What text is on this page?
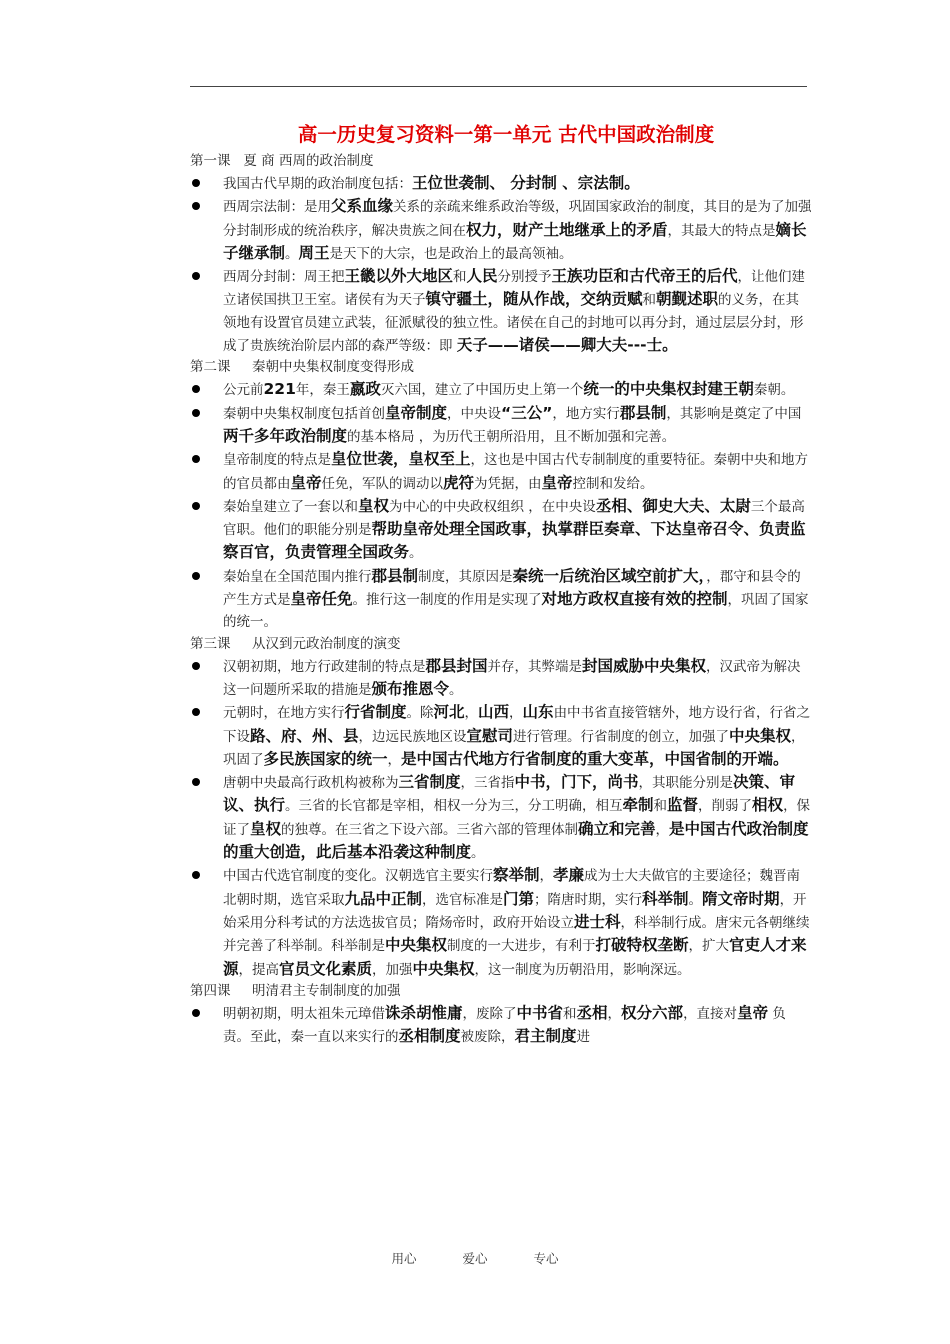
高一历史复习资料一第一单元 古代中国政治制度

第一课   夏 商 西周的政治制度

我国古代早期的政治制度包括：王位世袭制、 分封制 、宗法制。
西周宗法制：是用父系血缘关系的亲疏来维系政治等级，巩固国家政治的制度，其目的是为了加强分封制形成的统治秩序，解决贵族之间在权力，财产土地继承上的矛盾，其最大的特点是嫡长子继承制。周王是天下的大宗，也是政治上的最高领袖。
西周分封制：周王把王畿以外大地区和人民分别授予王族功臣和古代帝王的后代，让他们建立诸侯国拱卫王室。诸侯有为天子镇守疆土，随从作战，交纳贡赋和朝觐述职的义务，在其领地有设置官员建立武装，征派赋役的独立性。诸侯在自己的封地可以再分封，通过层层分封，形成了贵族统治阶层内部的森严等级：即 天子——诸侯——卿大夫---士。

第二课     秦朝中央集权制度变得形成

公元前221年，秦王嬴政灭六国，建立了中国历史上第一个统一的中央集权封建王朝秦朝。
秦朝中央集权制度包括首创皇帝制度，中央设“三公”，地方实行郡县制，其影响是奠定了中国两千多年政治制度的基本格局 ，为历代王朝所沿用，且不断加强和完善。
皇帝制度的特点是皇位世袭，皇权至上，这也是中国古代专制制度的重要特征。秦朝中央和地方的官员都由皇帝任免，军队的调动以虎符为凭据，由皇帝控制和发给。
秦始皇建立了一套以和皇权为中心的中央政权组织 ，在中央设丞相、御史大夫、太尉三个最高官职。他们的职能分别是帮助皇帝处理全国政事，执掌群臣奏章、下达皇帝召令、负责监察百官，负责管理全国政务。
秦始皇在全国范围内推行郡县制制度，其原因是秦统一后统治区域空前扩大，，郡守和县令的产生方式是皇帝任免。推行这一制度的作用是实现了对地方政权直接有效的控制，巩固了国家的统一。

第三课     从汉到元政治制度的演变

汉朝初期，地方行政建制的特点是郡县封国并存，其弊端是封国威胁中央集权，汉武帝为解决这一问题所采取的措施是颁布推恩令。
元朝时，在地方实行行省制度。除河北，山西，山东由中书省直接管辖外，地方设行省，行省之下设路、府、州、县，边远民族地区设宣慰司进行管理。行省制度的创立，加强了中央集权，巩固了多民族国家的统一，是中国古代地方行省制度的重大变革，中国省制的开端。
唐朝中央最高行政机构被称为三省制度，三省指中书，门下，尚书，其职能分别是决策、审议、执行。三省的长官都是宰相，相权一分为三，分工明确，相互牵制和监督，削弱了相权，保证了皇权的独尊。在三省之下设六部。三省六部的管理体制确立和完善，是中国古代政治制度的重大创造，此后基本沿袭这种制度。
中国古代选官制度的变化。汉朝选官主要实行察举制，孝廉成为士大夫做官的主要途径；魏晋南北朝时期，选官采取九品中正制，选官标准是门第；隋唐时期，实行科举制。隋文帝时期，开始采用分科考试的方法选拔官员；隋炀帝时，政府开始设立进士科，科举制行成。唐宋元各朝继续并完善了科举制。科举制是中央集权制度的一大进步，有利于打破特权垄断，扩大官吏人才来源，提高官员文化素质，加强中央集权，这一制度为历朝沿用，影响深远。

第四课     明清君主专制制度的加强

明朝初期，明太祖朱元璋借诛杀胡惟庸，废除了中书省和丞相，权分六部，直接对皇帝 负责。至此，秦一直以来实行的丞相制度被废除，君主制度进
用心	爱心	专心
